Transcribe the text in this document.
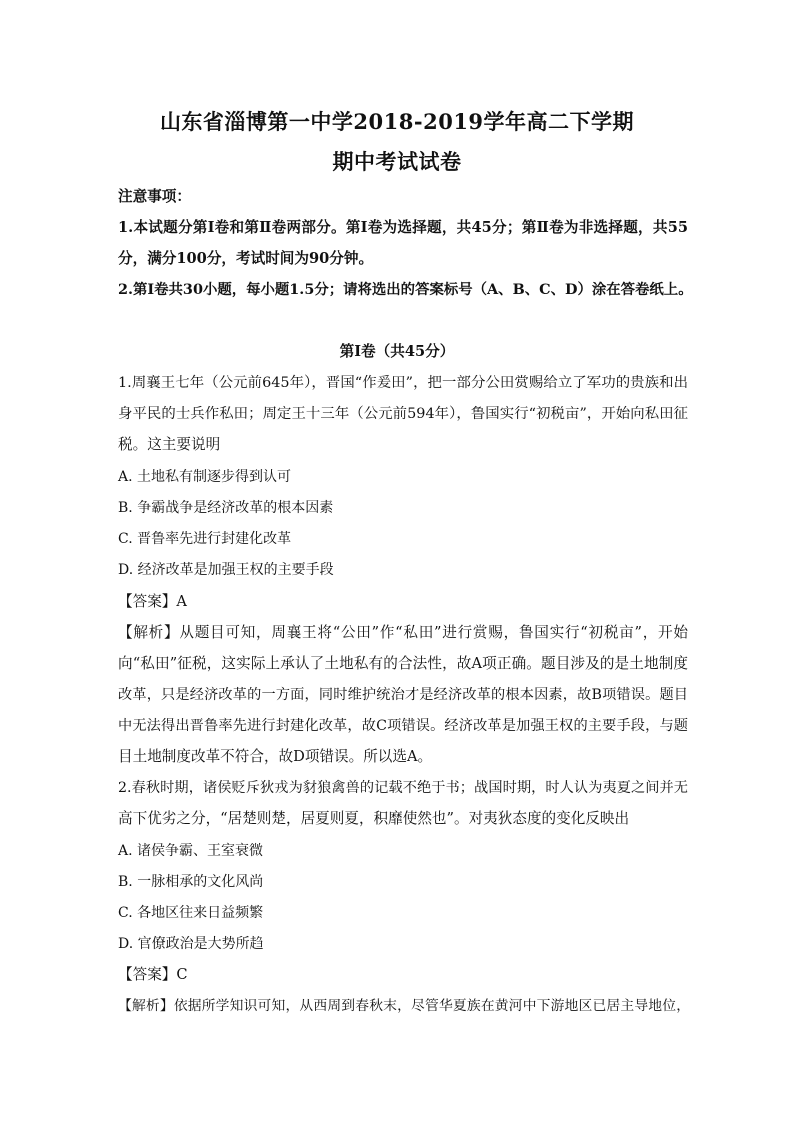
山东省淄博第一中学2018-2019学年高二下学期
期中考试试卷
注意事项：
1.本试题分第Ⅰ卷和第Ⅱ卷两部分。第Ⅰ卷为选择题，共45分；第Ⅱ卷为非选择题，共55
分，满分100分，考试时间为90分钟。
2.第Ⅰ卷共30小题，每小题1.5分；请将选出的答案标号（A、B、C、D）涂在答卷纸上。
第Ⅰ卷（共45分）
1.周襄王七年（公元前645年），晋国“作爰田”，把一部分公田赏赐给立了军功的贵族和出
身平民的士兵作私田；周定王十三年（公元前594年），鲁国实行“初税亩”，开始向私田征
税。这主要说明
A. 土地私有制逐步得到认可
B. 争霸战争是经济改革的根本因素
C. 晋鲁率先进行封建化改革
D. 经济改革是加强王权的主要手段
【答案】A
【解析】从题目可知，周襄王将“公田”作“私田”进行赏赐，鲁国实行“初税亩”，开始
向“私田”征税，这实际上承认了土地私有的合法性，故A项正确。题目涉及的是土地制度
改革，只是经济改革的一方面，同时维护统治才是经济改革的根本因素，故B项错误。题目
中无法得出晋鲁率先进行封建化改革，故C项错误。经济改革是加强王权的主要手段，与题
目土地制度改革不符合，故D项错误。所以选A。
2.春秋时期，诸侯贬斥狄戎为豺狼禽兽的记载不绝于书；战国时期，时人认为夷夏之间并无
高下优劣之分，“居楚则楚，居夏则夏，积靡使然也”。对夷狄态度的变化反映出
A. 诸侯争霸、王室衰微
B. 一脉相承的文化风尚
C. 各地区往来日益频繁
D. 官僚政治是大势所趋
【答案】C
【解析】依据所学知识可知，从西周到春秋末，尽管华夏族在黄河中下游地区已居主导地位，
